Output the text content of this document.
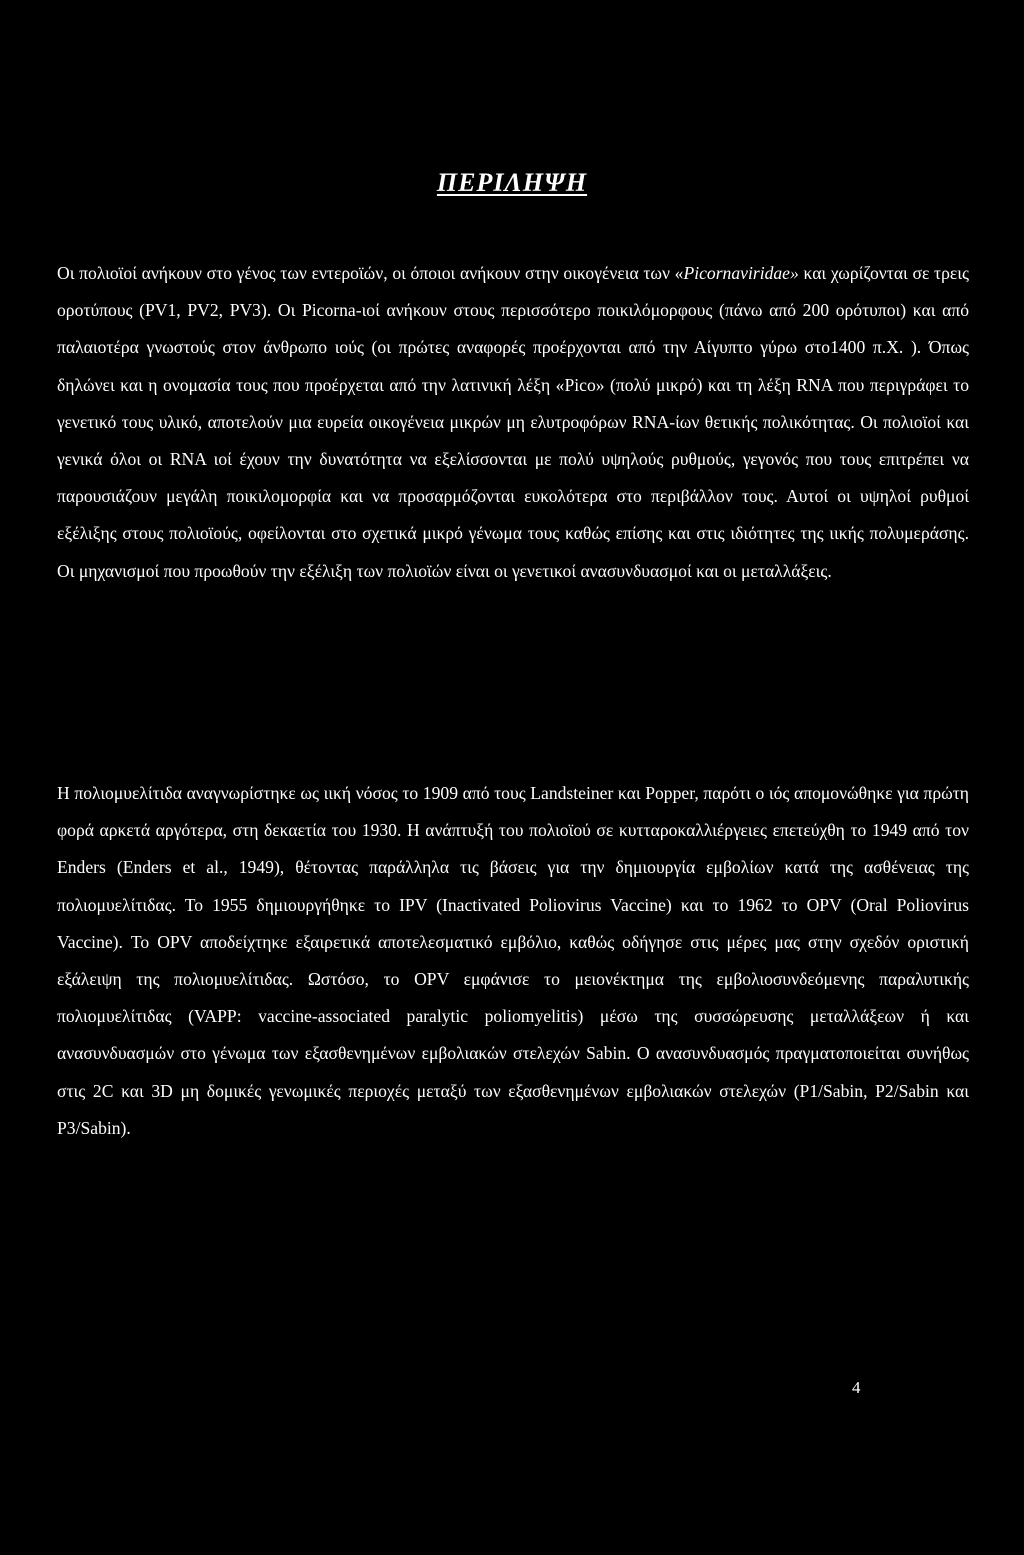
ΠΕΡΙΛΗΨΗ

Οι πολιοϊοί ανήκουν στο γένος των εντεροϊών, οι όποιοι ανήκουν στην οικογένεια των «Picornaviridae» και χωρίζονται σε τρεις οροτύπους (PV1, PV2, PV3). Οι Picorna-ιοί ανήκουν στους περισσότερο ποικιλόμορφους (πάνω από 200 ορότυποι) και από παλαιοτέρα γνωστούς στον άνθρωπο ιούς (οι πρώτες αναφορές προέρχονται από την Αίγυπτο γύρω στο1400 π.Χ. ). Όπως δηλώνει και η ονομασία τους που προέρχεται από την λατινική λέξη «Pico» (πολύ μικρό) και τη λέξη RNA που περιγράφει το γενετικό τους υλικό, αποτελούν μια ευρεία οικογένεια μικρών μη ελυτροφόρων RNA-ίων θετικής πολικότητας. Οι πολιοϊοί και γενικά όλοι οι RNA ιοί έχουν την δυνατότητα να εξελίσσονται με πολύ υψηλούς ρυθμούς, γεγονός που τους επιτρέπει να παρουσιάζουν μεγάλη ποικιλομορφία και να προσαρμόζονται ευκολότερα στο περιβάλλον τους. Αυτοί οι υψηλοί ρυθμοί εξέλιξης στους πολιοϊούς, οφείλονται στο σχετικά μικρό γένωμα τους καθώς επίσης και στις ιδιότητες της ιικής πολυμεράσης. Οι μηχανισμοί που προωθούν την εξέλιξη των πολιοϊών είναι οι γενετικοί ανασυνδυασμοί και οι μεταλλάξεις.

Η πολιομυελίτιδα αναγνωρίστηκε ως ιική νόσος το 1909 από τους Landsteiner και Popper, παρότι ο ιός απομονώθηκε για πρώτη φορά αρκετά αργότερα, στη δεκαετία του 1930. Η ανάπτυξή του πολιοϊού σε κυτταροκαλλιέργειες επετεύχθη το 1949 από τον Enders (Enders et al., 1949), θέτοντας παράλληλα τις βάσεις για την δημιουργία εμβολίων κατά της ασθένειας της πολιομυελίτιδας. Το 1955 δημιουργήθηκε το IPV (Inactivated Poliovirus Vaccine) και το 1962 το OPV (Oral Poliovirus Vaccine). Το OPV αποδείχτηκε εξαιρετικά αποτελεσματικό εμβόλιο, καθώς οδήγησε στις μέρες μας στην σχεδόν οριστική εξάλειψη της πολιομυελίτιδας. Ωστόσο, το OPV εμφάνισε το μειονέκτημα της εμβολιοσυνδεόμενης παραλυτικής πολιομυελίτιδας (VAPP: vaccine-associated paralytic poliomyelitis) μέσω της συσσώρευσης μεταλλάξεων ή και ανασυνδυασμών στο γένωμα των εξασθενημένων εμβολιακών στελεχών Sabin. Ο ανασυνδυασμός πραγματοποιείται συνήθως στις 2C και 3D μη δομικές γενωμικές περιοχές μεταξύ των εξασθενημένων εμβολιακών στελεχών (P1/Sabin, P2/Sabin και P3/Sabin).

4
